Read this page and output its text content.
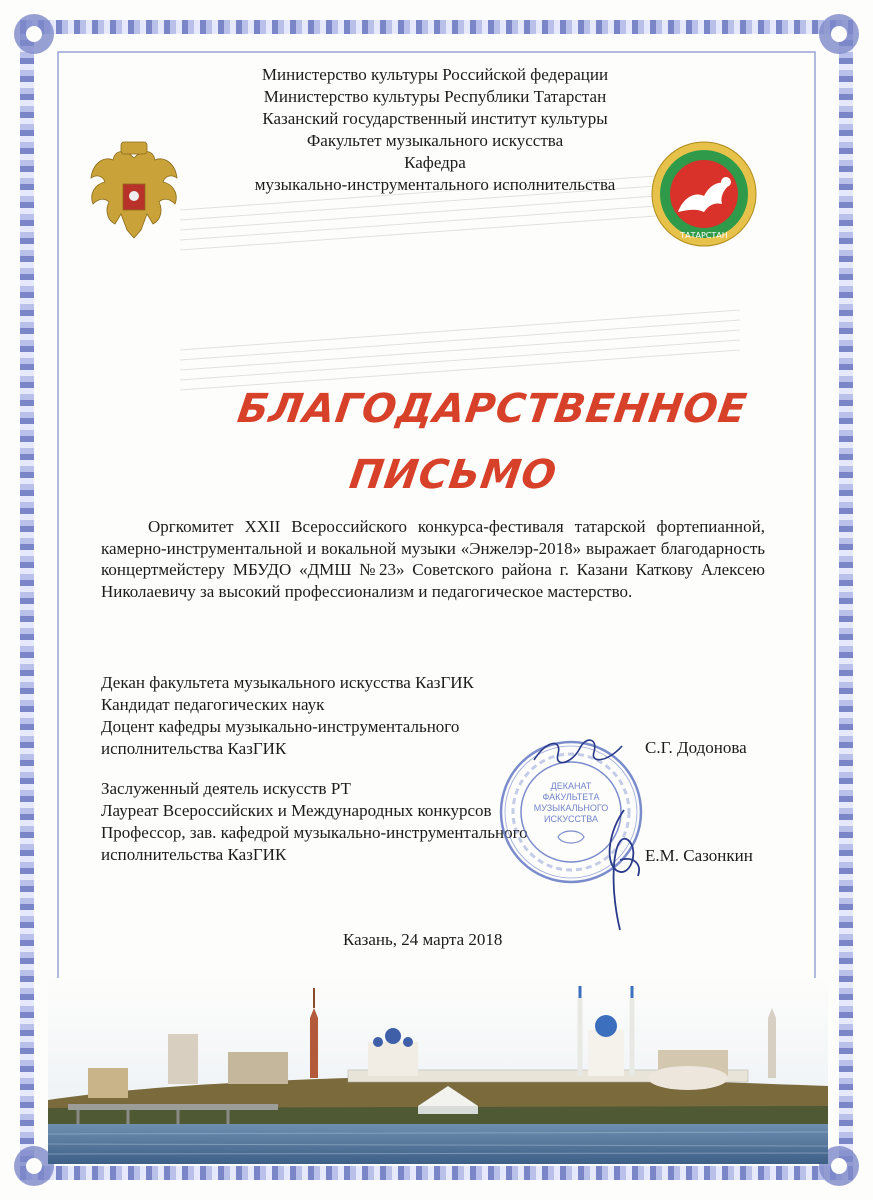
Министерство культуры Российской федерации
Министерство культуры Республики Татарстан
Казанский государственный институт культуры
Факультет музыкального искусства
Кафедра
музыкально-инструментального исполнительства
ТАТАРСТАН
БЛАГОДАРСТВЕННОЕ
ПИСЬМО
Оргкомитет XXII Всероссийского конкурса-фестиваля татарской фортепианной, камерно-инструментальной и вокальной музыки «Энжелэр-2018» выражает благодарность концертмейстеру МБУДО «ДМШ №23» Советского района г. Казани Каткову Алексею Николаевичу за высокий профессионализм и педагогическое мастерство.
Декан факультета музыкального искусства КазГИК
Кандидат педагогических наук
Доцент кафедры музыкально-инструментального
исполнительства КазГИК	С.Г. Додонова
Заслуженный деятель искусств РТ
Лауреат Всероссийских и Международных конкурсов
Профессор, зав. кафедрой музыкально-инструментального
исполнительства КазГИК	Е.М. Сазонкин
ДЕКАНАТ ФАКУЛЬТЕТА МУЗЫКАЛЬНОГО ИСКУССТВА
Казань, 24 марта 2018
